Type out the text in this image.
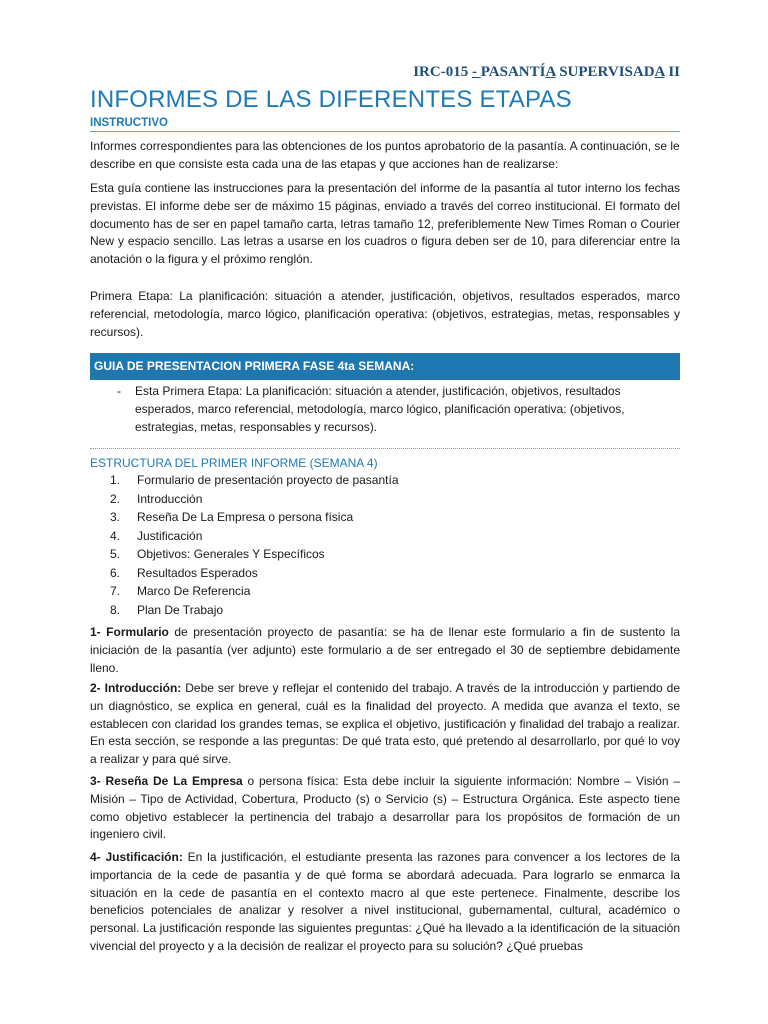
IRC-015 - PASANTÍA SUPERVISADA II
INFORMES DE LAS DIFERENTES ETAPAS
INSTRUCTIVO
Informes correspondientes para las obtenciones de los puntos aprobatorio de la pasantía. A continuación, se le describe en que consiste esta cada una de las etapas y que acciones han de realizarse:
Esta guía contiene las instrucciones para la presentación del informe de la pasantía al tutor interno los fechas previstas. El informe debe ser de máximo 15 páginas, enviado a través del correo institucional. El formato del documento has de ser en papel tamaño carta, letras tamaño 12, preferiblemente New Times Roman o Courier New y espacio sencillo. Las letras a usarse en los cuadros o figura deben ser de 10, para diferenciar entre la anotación o la figura y el próximo renglón.
Primera Etapa: La planificación: situación a atender, justificación, objetivos, resultados esperados, marco referencial, metodología, marco lógico, planificación operativa: (objetivos, estrategias, metas, responsables y recursos).
GUIA DE PRESENTACION PRIMERA FASE 4ta SEMANA:
- Esta Primera Etapa: La planificación: situación a atender, justificación, objetivos, resultados esperados, marco referencial, metodología, marco lógico, planificación operativa: (objetivos, estrategias, metas, responsables y recursos).
ESTRUCTURA DEL PRIMER INFORME (SEMANA 4)
1.	Formulario de presentación proyecto de pasantía
2.	Introducción
3.	Reseña De La Empresa o persona física
4.	Justificación
5.	Objetivos: Generales Y Específicos
6.	Resultados Esperados
7.	Marco De Referencia
8.	Plan De Trabajo
1- Formulario de presentación proyecto de pasantía: se ha de llenar este formulario a fin de sustento la iniciación de la pasantía (ver adjunto) este formulario a de ser entregado el 30 de septiembre debidamente lleno.
2- Introducción: Debe ser breve y reflejar el contenido del trabajo. A través de la introducción y partiendo de un diagnóstico, se explica en general, cuál es la finalidad del proyecto. A medida que avanza el texto, se establecen con claridad los grandes temas, se explica el objetivo, justificación y finalidad del trabajo a realizar. En esta sección, se responde a las preguntas: De qué trata esto, qué pretendo al desarrollarlo, por qué lo voy a realizar y para qué sirve.
3- Reseña De La Empresa o persona física: Esta debe incluir la siguiente información: Nombre – Visión – Misión – Tipo de Actividad, Cobertura, Producto (s) o Servicio (s) – Estructura Orgánica. Este aspecto tiene como objetivo establecer la pertinencia del trabajo a desarrollar para los propósitos de formación de un ingeniero civil.
4- Justificación: En la justificación, el estudiante presenta las razones para convencer a los lectores de la importancia de la cede de pasantía y de qué forma se abordará adecuada. Para lograrlo se enmarca la situación en la cede de pasantía en el contexto macro al que este pertenece. Finalmente, describe los beneficios potenciales de analizar y resolver a nivel institucional, gubernamental, cultural, académico o personal. La justificación responde las siguientes preguntas: ¿Qué ha llevado a la identificación de la situación vivencial del proyecto y a la decisión de realizar el proyecto para su solución? ¿Qué pruebas
